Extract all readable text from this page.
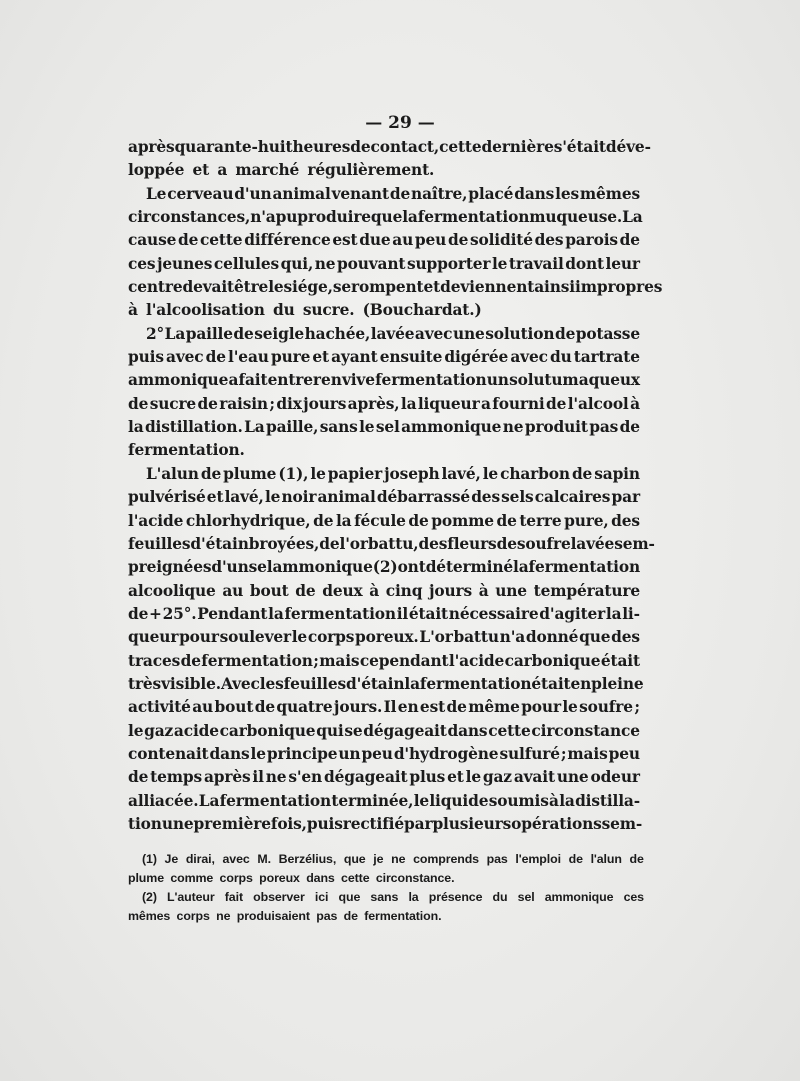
— 29 —
après quarante-huit heures de contact, cette dernière s'était déve-
loppée et a marché régulièrement.
Le cerveau d'un animal venant de naître, placé dans les mêmes
circonstances, n'a pu produire que la fermentation muqueuse. La
cause de cette différence est due au peu de solidité des parois de
ces jeunes cellules qui, ne pouvant supporter le travail dont leur
centre devait être le siége, se rompent et deviennent ainsi impropres
à l'alcoolisation du sucre. (Bouchardat.)
2° La paille de seigle hachée, lavée avec une solution de potasse
puis avec de l'eau pure et ayant ensuite digérée avec du tartrate
ammonique a fait entrer en vive fermentation un solutum aqueux
de sucre de raisin ; dix jours après, la liqueur a fourni de l'alcool à
la distillation. La paille, sans le sel ammonique ne produit pas de
fermentation.
L'alun de plume (1), le papier joseph lavé, le charbon de sapin
pulvérisé et lavé, le noir animal débarrassé des sels calcaires par
l'acide chlorhydrique, de la fécule de pomme de terre pure, des
feuilles d'étain broyées, de l'or battu, des fleurs de soufre lavées em-
preignées d'un sel ammonique (2) ont déterminé la fermentation
alcoolique au bout de deux à cinq jours à une température
de + 25°. Pendant la fermentation il était nécessaire d'agiter la li-
queur pour soulever le corps poreux. L'or battu n'a donné que des
traces de fermentation ; mais cependant l'acide carbonique était
très visible. Avec les feuilles d'étain la fermentation était en pleine
activité au bout de quatre jours. Il en est de même pour le soufre ;
le gaz acide carbonique qui se dégageait dans cette circonstance
contenait dans le principe un peu d'hydrogène sulfuré ; mais peu
de temps après il ne s'en dégageait plus et le gaz avait une odeur
alliacée. La fermentation terminée, le liquide soumis à la distilla-
tion une première fois, puis rectifié par plusieurs opérations sem-
(1) Je dirai, avec M. Berzélius, que je ne comprends pas l'emploi de l'alun de
plume comme corps poreux dans cette circonstance.
(2) L'auteur fait observer ici que sans la présence du sel ammonique ces
mêmes corps ne produisaient pas de fermentation.
